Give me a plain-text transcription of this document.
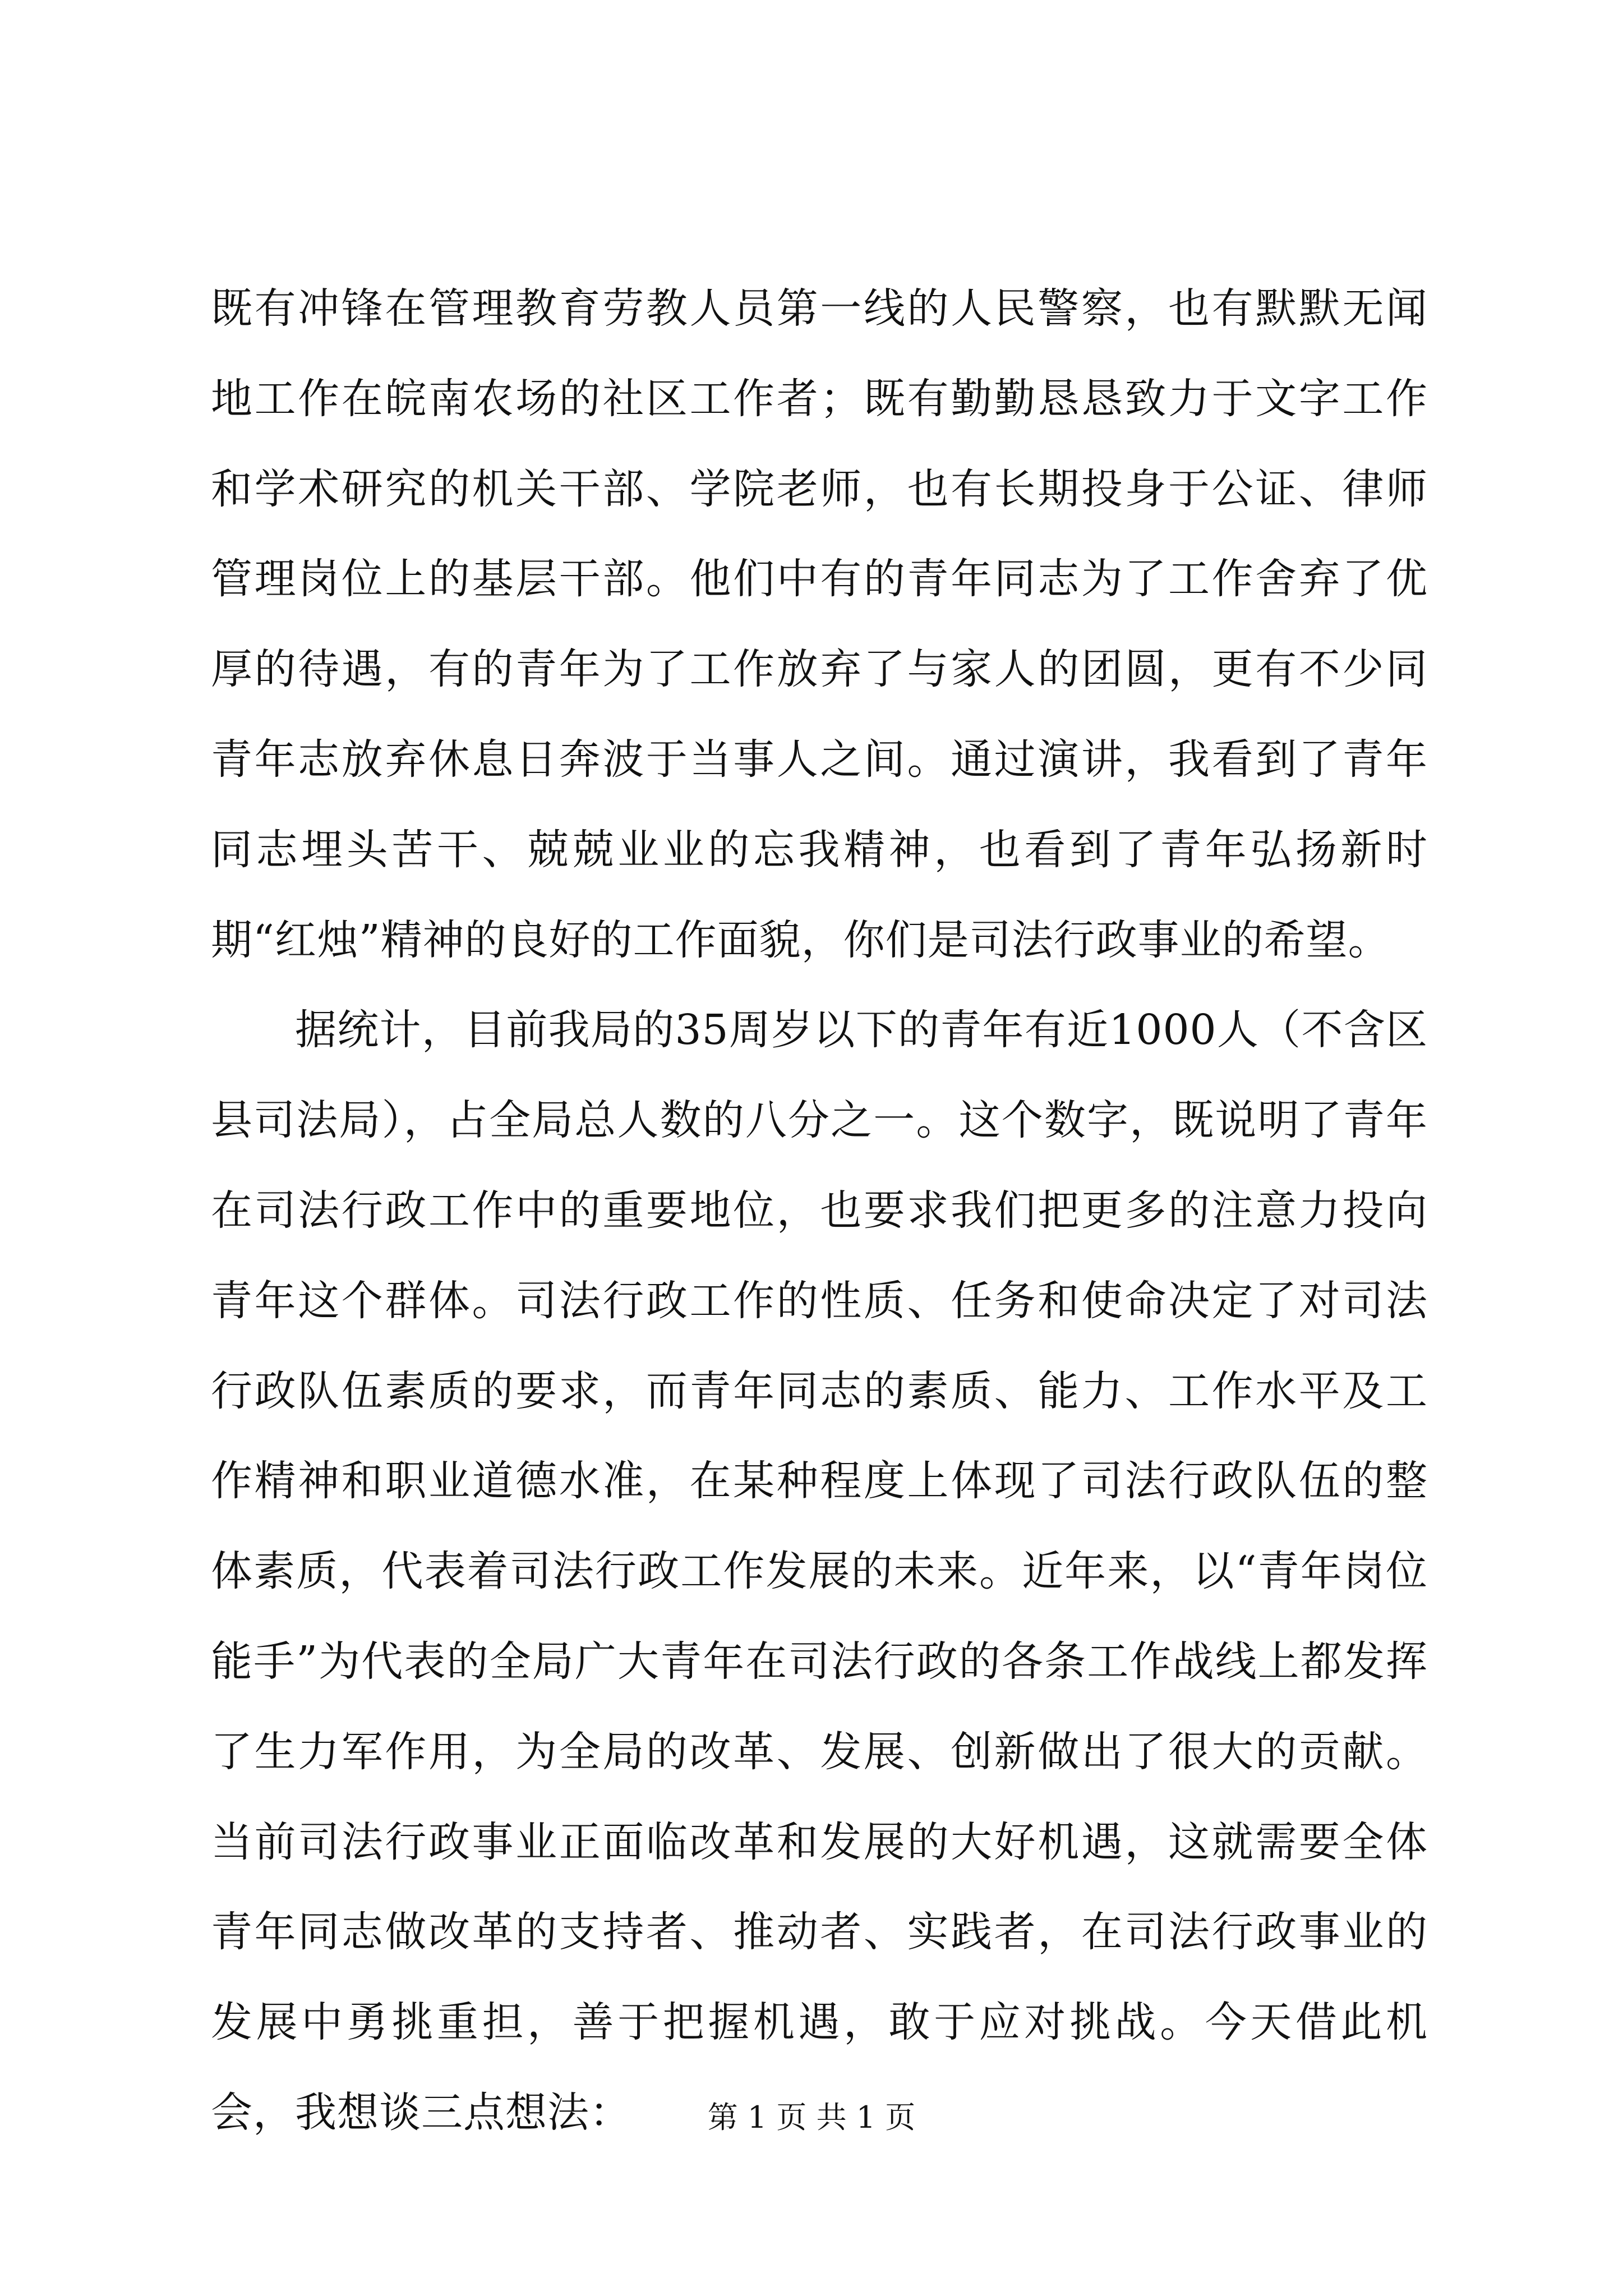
既有冲锋在管理教育劳教人员第一线的人民警察，也有默默无闻地工作在皖南农场的社区工作者；既有勤勤恳恳致力于文字工作和学术研究的机关干部、学院老师，也有长期投身于公证、律师管理岗位上的基层干部。他们中有的青年同志为了工作舍弃了优厚的待遇，有的青年为了工作放弃了与家人的团圆，更有不少同青年志放弃休息日奔波于当事人之间。通过演讲，我看到了青年同志埋头苦干、兢兢业业的忘我精神，也看到了青年弘扬新时期“红烛”精神的良好的工作面貌，你们是司法行政事业的希望。

据统计，目前我局的35周岁以下的青年有近1000人（不含区县司法局），占全局总人数的八分之一。这个数字，既说明了青年在司法行政工作中的重要地位，也要求我们把更多的注意力投向青年这个群体。司法行政工作的性质、任务和使命决定了对司法行政队伍素质的要求，而青年同志的素质、能力、工作水平及工作精神和职业道德水准，在某种程度上体现了司法行政队伍的整体素质，代表着司法行政工作发展的未来。近年来，以“青年岗位能手”为代表的全局广大青年在司法行政的各条工作战线上都发挥了生力军作用，为全局的改革、发展、创新做出了很大的贡献。当前司法行政事业正面临改革和发展的大好机遇，这就需要全体青年同志做改革的支持者、推动者、实践者，在司法行政事业的发展中勇挑重担，善于把握机遇，敢于应对挑战。今天借此机会，我想谈三点想法：	第 1 页 共 1 页
